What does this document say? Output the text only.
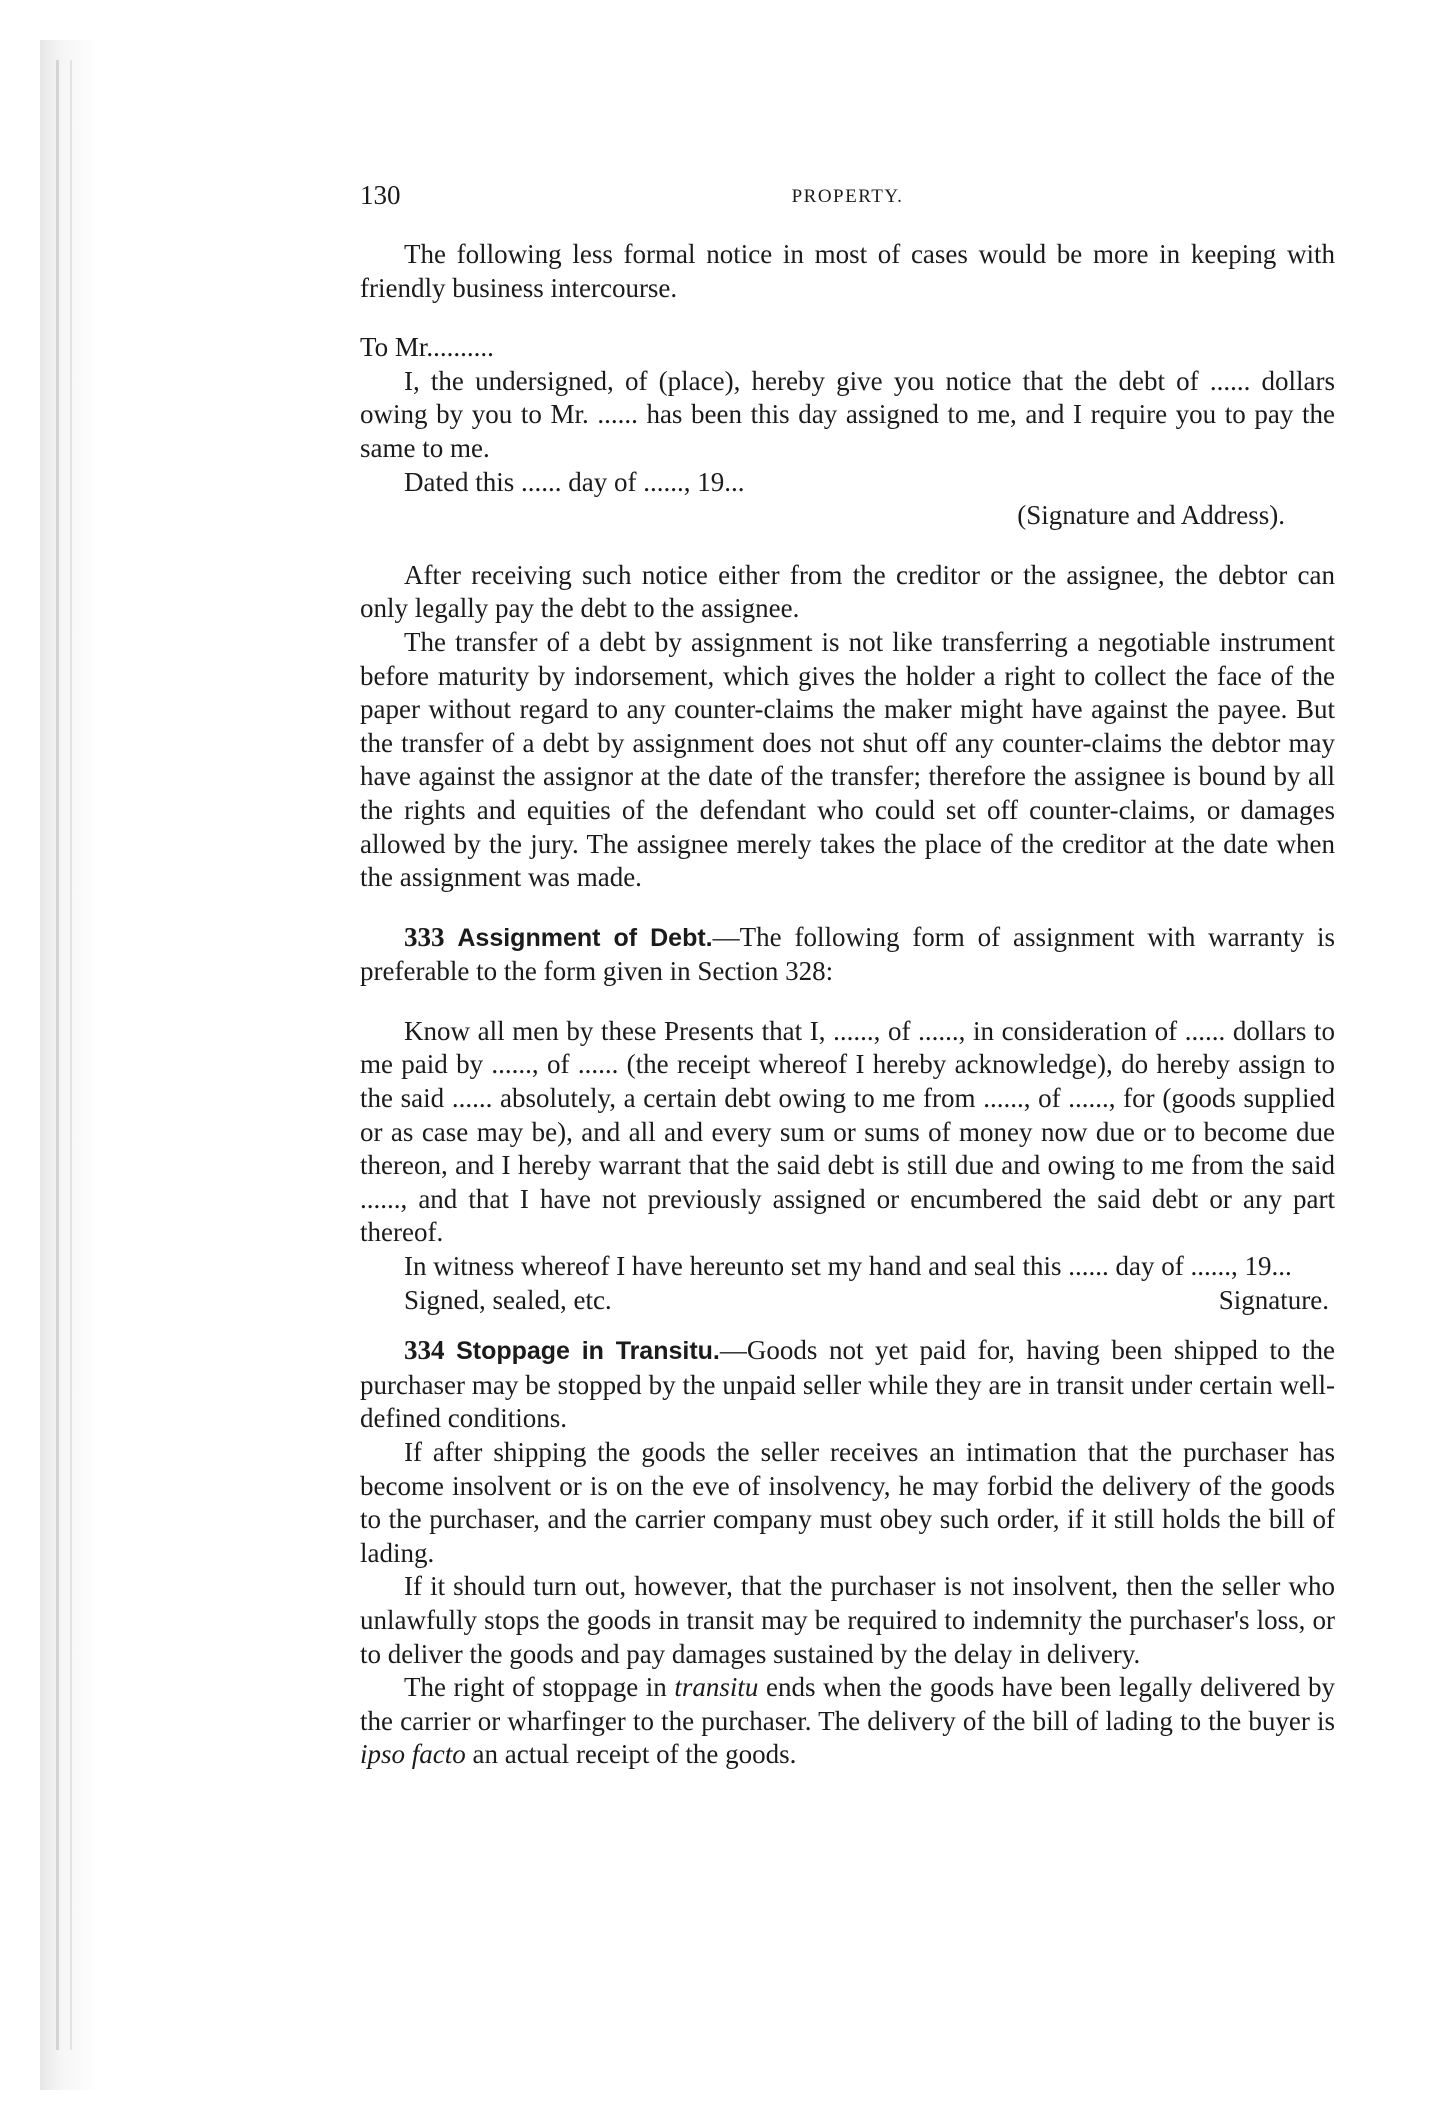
130	PROPERTY.

The following less formal notice in most of cases would be more in keeping with friendly business intercourse.

To Mr..........

I, the undersigned, of (place), hereby give you notice that the debt of ...... dollars owing by you to Mr. ...... has been this day assigned to me, and I require you to pay the same to me.

Dated this ...... day of ......, 19...

(Signature and Address).

After receiving such notice either from the creditor or the assignee, the debtor can only legally pay the debt to the assignee.

The transfer of a debt by assignment is not like transferring a negotiable instrument before maturity by indorsement, which gives the holder a right to collect the face of the paper without regard to any counter-claims the maker might have against the payee. But the transfer of a debt by assignment does not shut off any counter-claims the debtor may have against the assignor at the date of the transfer; therefore the assignee is bound by all the rights and equities of the defendant who could set off counter-claims, or damages allowed by the jury. The assignee merely takes the place of the creditor at the date when the assignment was made.

333 Assignment of Debt.—The following form of assignment with warranty is preferable to the form given in Section 328:

Know all men by these Presents that I, ......, of ......, in consideration of ...... dollars to me paid by ......, of ...... (the receipt whereof I hereby acknowledge), do hereby assign to the said ...... absolutely, a certain debt owing to me from ......, of ......, for (goods supplied or as case may be), and all and every sum or sums of money now due or to become due thereon, and I hereby warrant that the said debt is still due and owing to me from the said ......, and that I have not previously assigned or encumbered the said debt or any part thereof.

In witness whereof I have hereunto set my hand and seal this ...... day of ......, 19...

Signed, sealed, etc.	Signature.

334 Stoppage in Transitu.—Goods not yet paid for, having been shipped to the purchaser may be stopped by the unpaid seller while they are in transit under certain well-defined conditions.

If after shipping the goods the seller receives an intimation that the purchaser has become insolvent or is on the eve of insolvency, he may forbid the delivery of the goods to the purchaser, and the carrier company must obey such order, if it still holds the bill of lading.

If it should turn out, however, that the purchaser is not insolvent, then the seller who unlawfully stops the goods in transit may be required to indemnity the purchaser's loss, or to deliver the goods and pay damages sustained by the delay in delivery.

The right of stoppage in transitu ends when the goods have been legally delivered by the carrier or wharfinger to the purchaser. The delivery of the bill of lading to the buyer is ipso facto an actual receipt of the goods.
